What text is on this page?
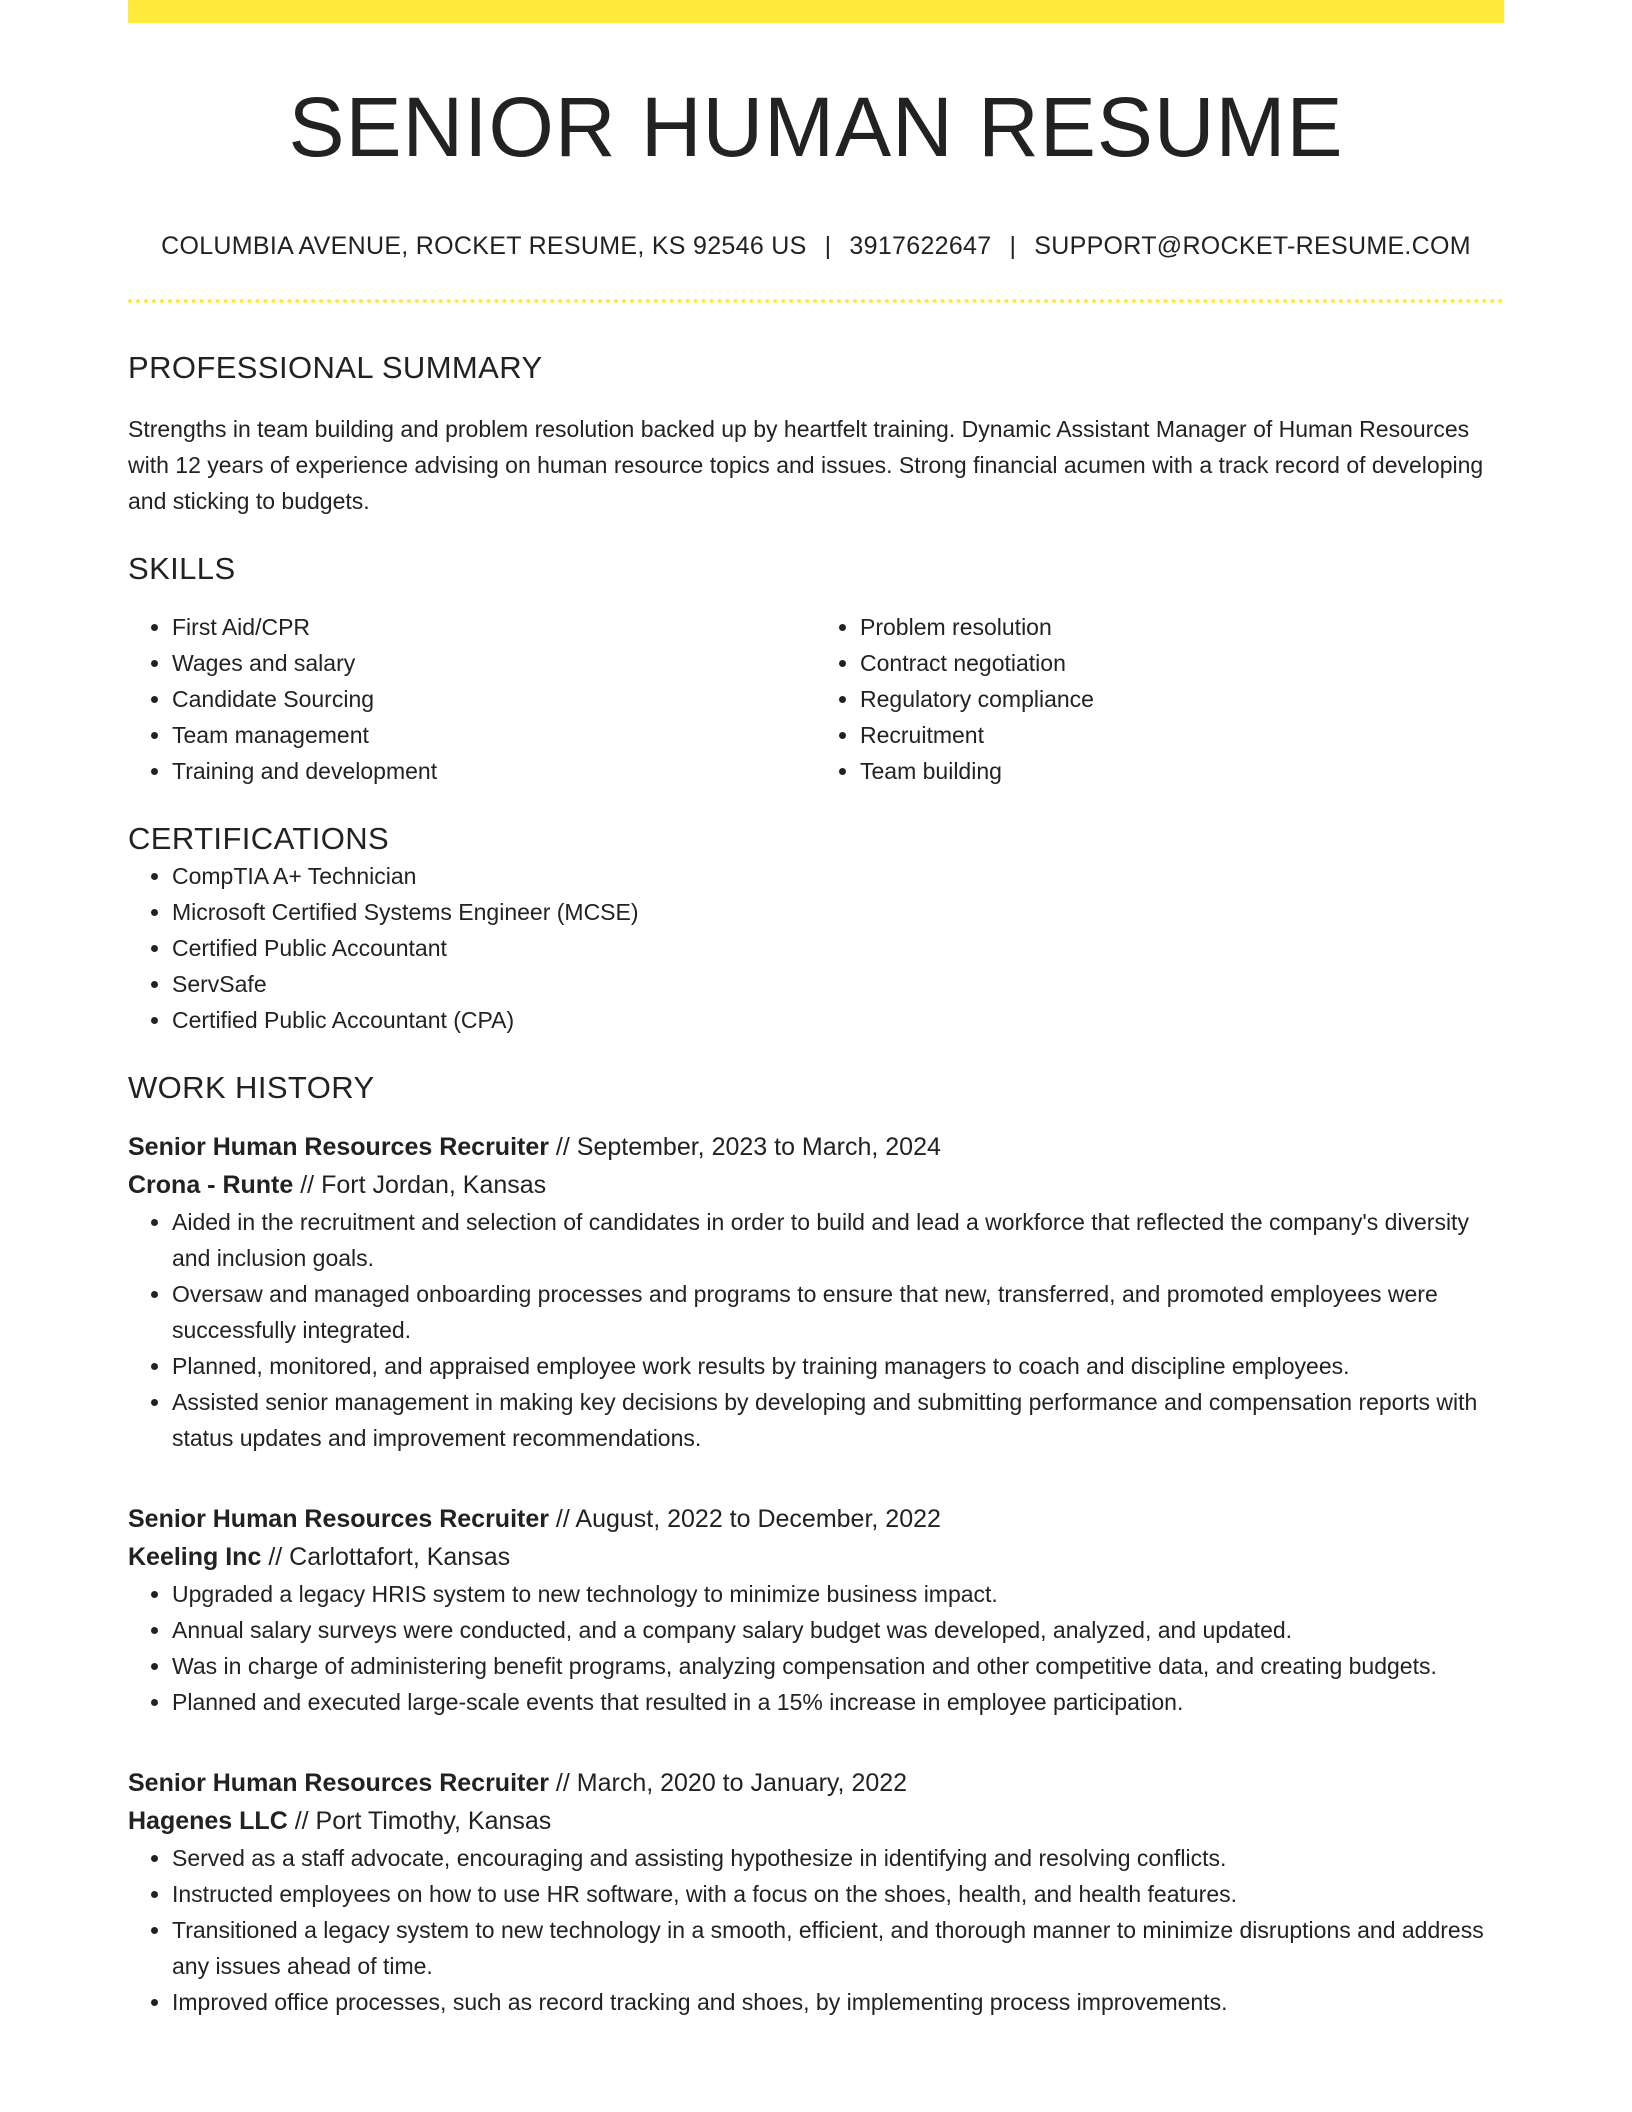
SENIOR HUMAN RESUME
COLUMBIA AVENUE, ROCKET RESUME, KS 92546 US | 3917622647 | SUPPORT@ROCKET-RESUME.COM
PROFESSIONAL SUMMARY
Strengths in team building and problem resolution backed up by heartfelt training. Dynamic Assistant Manager of Human Resources with 12 years of experience advising on human resource topics and issues. Strong financial acumen with a track record of developing and sticking to budgets.
SKILLS
• First Aid/CPR
• Wages and salary
• Candidate Sourcing
• Team management
• Training and development
• Problem resolution
• Contract negotiation
• Regulatory compliance
• Recruitment
• Team building
CERTIFICATIONS
• CompTIA A+ Technician
• Microsoft Certified Systems Engineer (MCSE)
• Certified Public Accountant
• ServSafe
• Certified Public Accountant (CPA)
WORK HISTORY
Senior Human Resources Recruiter // September, 2023 to March, 2024
Crona - Runte // Fort Jordan, Kansas
• Aided in the recruitment and selection of candidates in order to build and lead a workforce that reflected the company's diversity and inclusion goals.
• Oversaw and managed onboarding processes and programs to ensure that new, transferred, and promoted employees were successfully integrated.
• Planned, monitored, and appraised employee work results by training managers to coach and discipline employees.
• Assisted senior management in making key decisions by developing and submitting performance and compensation reports with status updates and improvement recommendations.
Senior Human Resources Recruiter // August, 2022 to December, 2022
Keeling Inc // Carlottafort, Kansas
• Upgraded a legacy HRIS system to new technology to minimize business impact.
• Annual salary surveys were conducted, and a company salary budget was developed, analyzed, and updated.
• Was in charge of administering benefit programs, analyzing compensation and other competitive data, and creating budgets.
• Planned and executed large-scale events that resulted in a 15% increase in employee participation.
Senior Human Resources Recruiter // March, 2020 to January, 2022
Hagenes LLC // Port Timothy, Kansas
• Served as a staff advocate, encouraging and assisting hypothesize in identifying and resolving conflicts.
• Instructed employees on how to use HR software, with a focus on the shoes, health, and health features.
• Transitioned a legacy system to new technology in a smooth, efficient, and thorough manner to minimize disruptions and address any issues ahead of time.
• Improved office processes, such as record tracking and shoes, by implementing process improvements.
